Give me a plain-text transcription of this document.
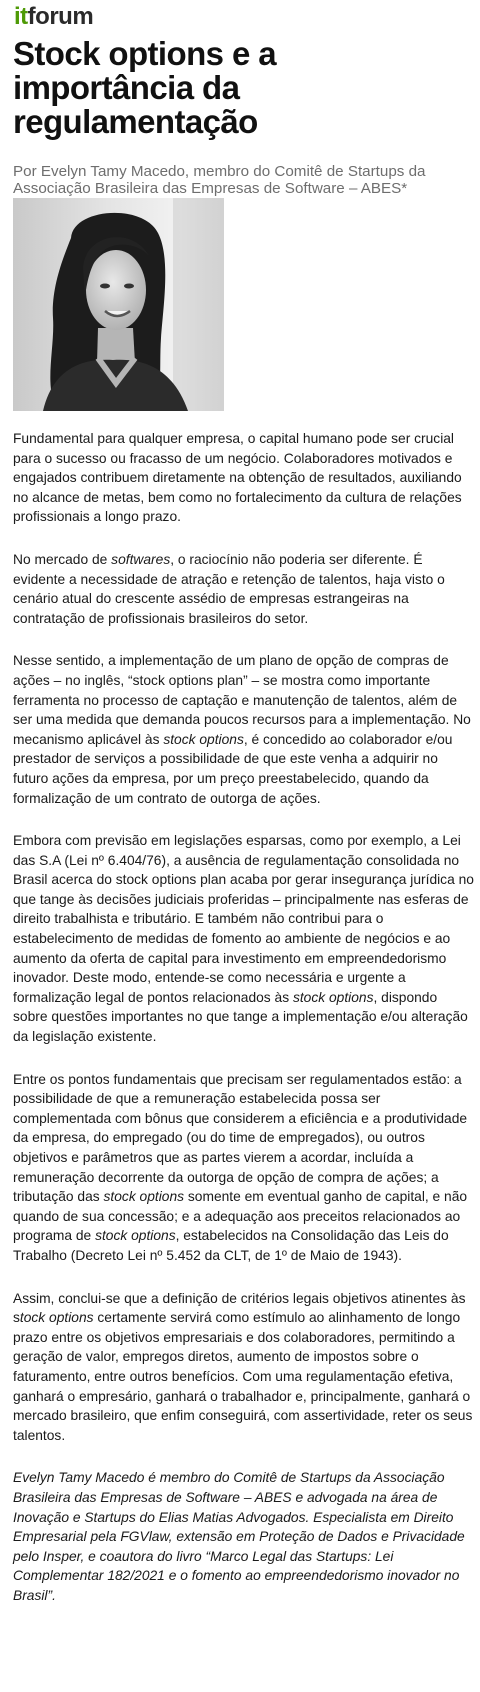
itforum
Stock options e a importância da regulamentação

Por Evelyn Tamy Macedo, membro do Comitê de Startups da Associação Brasileira das Empresas de Software – ABES*

Fundamental para qualquer empresa, o capital humano pode ser crucial para o sucesso ou fracasso de um negócio. Colaboradores motivados e engajados contribuem diretamente na obtenção de resultados, auxiliando no alcance de metas, bem como no fortalecimento da cultura de relações profissionais a longo prazo.

No mercado de softwares, o raciocínio não poderia ser diferente. É evidente a necessidade de atração e retenção de talentos, haja visto o cenário atual do crescente assédio de empresas estrangeiras na contratação de profissionais brasileiros do setor.

Nesse sentido, a implementação de um plano de opção de compras de ações – no inglês, “stock options plan” – se mostra como importante ferramenta no processo de captação e manutenção de talentos, além de ser uma medida que demanda poucos recursos para a implementação. No mecanismo aplicável às stock options, é concedido ao colaborador e/ou prestador de serviços a possibilidade de que este venha a adquirir no futuro ações da empresa, por um preço preestabelecido, quando da formalização de um contrato de outorga de ações.

Embora com previsão em legislações esparsas, como por exemplo, a Lei das S.A (Lei nº 6.404/76), a ausência de regulamentação consolidada no Brasil acerca do stock options plan acaba por gerar insegurança jurídica no que tange às decisões judiciais proferidas – principalmente nas esferas de direito trabalhista e tributário. E também não contribui para o estabelecimento de medidas de fomento ao ambiente de negócios e ao aumento da oferta de capital para investimento em empreendedorismo inovador. Deste modo, entende-se como necessária e urgente a formalização legal de pontos relacionados às stock options, dispondo sobre questões importantes no que tange a implementação e/ou alteração da legislação existente.

Entre os pontos fundamentais que precisam ser regulamentados estão: a possibilidade de que a remuneração estabelecida possa ser complementada com bônus que considerem a eficiência e a produtividade da empresa, do empregado (ou do time de empregados), ou outros objetivos e parâmetros que as partes vierem a acordar, incluída a remuneração decorrente da outorga de opção de compra de ações; a tributação das stock options somente em eventual ganho de capital, e não quando de sua concessão; e a adequação aos preceitos relacionados ao programa de stock options, estabelecidos na Consolidação das Leis do Trabalho (Decreto Lei nº 5.452 da CLT, de 1º de Maio de 1943).

Assim, conclui-se que a definição de critérios legais objetivos atinentes às stock options certamente servirá como estímulo ao alinhamento de longo prazo entre os objetivos empresariais e dos colaboradores, permitindo a geração de valor, empregos diretos, aumento de impostos sobre o faturamento, entre outros benefícios. Com uma regulamentação efetiva, ganhará o empresário, ganhará o trabalhador e, principalmente, ganhará o mercado brasileiro, que enfim conseguirá, com assertividade, reter os seus talentos.

Evelyn Tamy Macedo é membro do Comitê de Startups da Associação Brasileira das Empresas de Software – ABES e advogada na área de Inovação e Startups do Elias Matias Advogados. Especialista em Direito Empresarial pela FGVlaw, extensão em Proteção de Dados e Privacidade pelo Insper, e coautora do livro “Marco Legal das Startups: Lei Complementar 182/2021 e o fomento ao empreendedorismo inovador no Brasil”.
